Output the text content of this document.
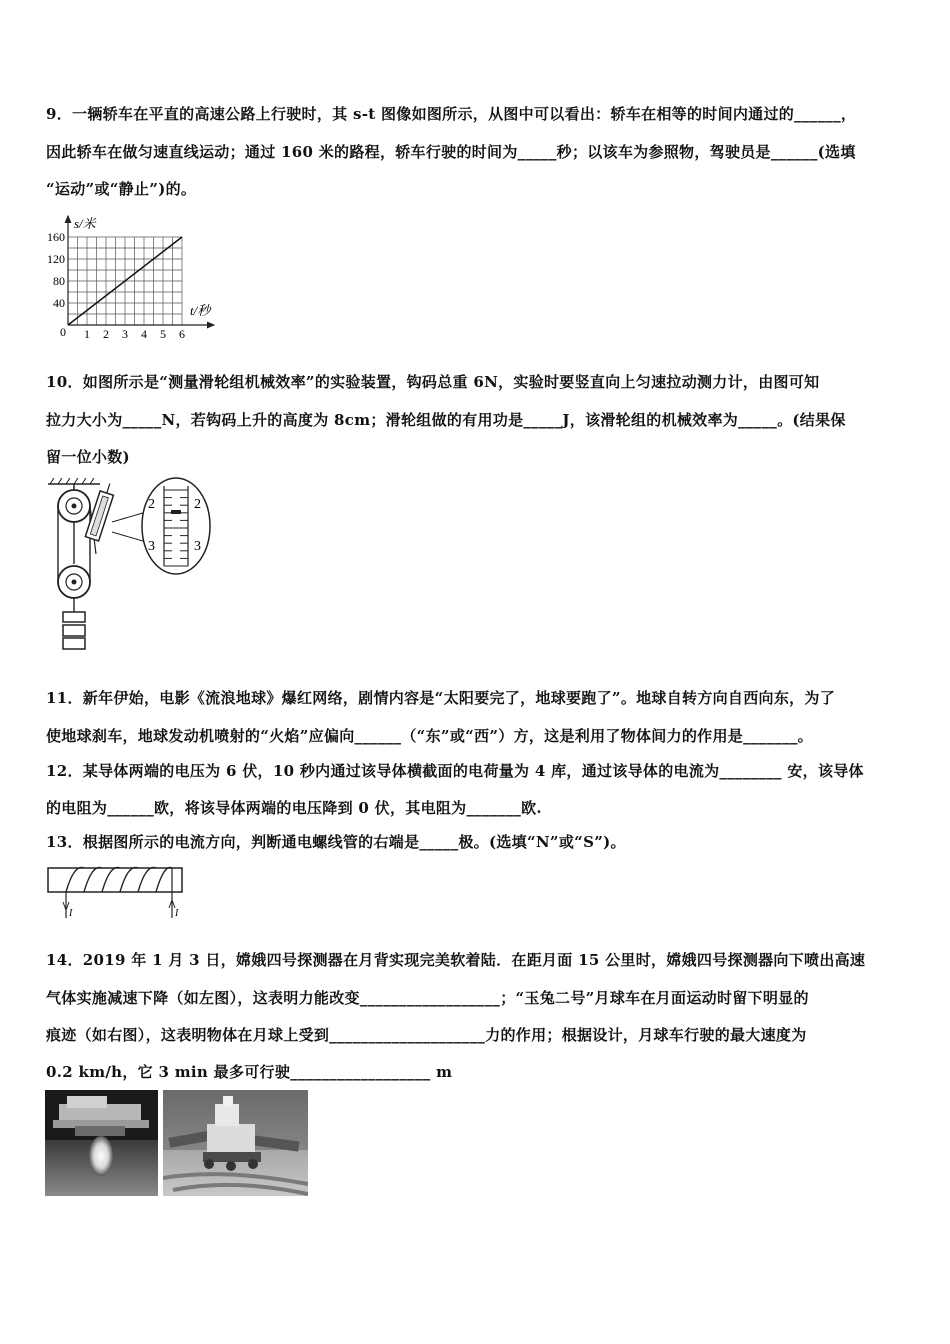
9．一辆轿车在平直的高速公路上行驶时，其 s-t 图像如图所示，从图中可以看出：轿车在相等的时间内通过的______，
因此轿车在做匀速直线运动；通过 160 米的路程，轿车行驶的时间为_____秒；以该车为参照物，驾驶员是______(选填
“运动”或“静止”)的。
1 2 3 4 5 6
40
80
120
160
s/米
t/秒
0
10．如图所示是“测量滑轮组机械效率”的实验装置，钩码总重 6N，实验时要竖直向上匀速拉动测力计，由图可知
拉力大小为_____N，若钩码上升的高度为 8cm；滑轮组做的有用功是_____J，该滑轮组的机械效率为_____。(结果保
留一位小数)
2	2
3	3
11．新年伊始，电影《流浪地球》爆红网络，剧情内容是“太阳要完了，地球要跑了”。地球自转方向自西向东，为了
使地球刹车，地球发动机喷射的“火焰”应偏向______（“东”或“西”）方，这是利用了物体间力的作用是_______。
12．某导体两端的电压为 6 伏，10 秒内通过该导体横截面的电荷量为 4 库，通过该导体的电流为________ 安，该导体
的电阻为______欧，将该导体两端的电压降到 0 伏，其电阻为_______欧.
13．根据图所示的电流方向，判断通电螺线管的右端是_____极。(选填“N”或“S”)。
I	I
14．2019 年 1 月 3 日，嫦娥四号探测器在月背实现完美软着陆．在距月面 15 公里时，嫦娥四号探测器向下喷出高速
气体实施减速下降（如左图），这表明力能改变__________________；“玉兔二号”月球车在月面运动时留下明显的
痕迹（如右图），这表明物体在月球上受到____________________力的作用；根据设计，月球车行驶的最大速度为
0.2 km/h，它 3 min 最多可行驶__________________ m
